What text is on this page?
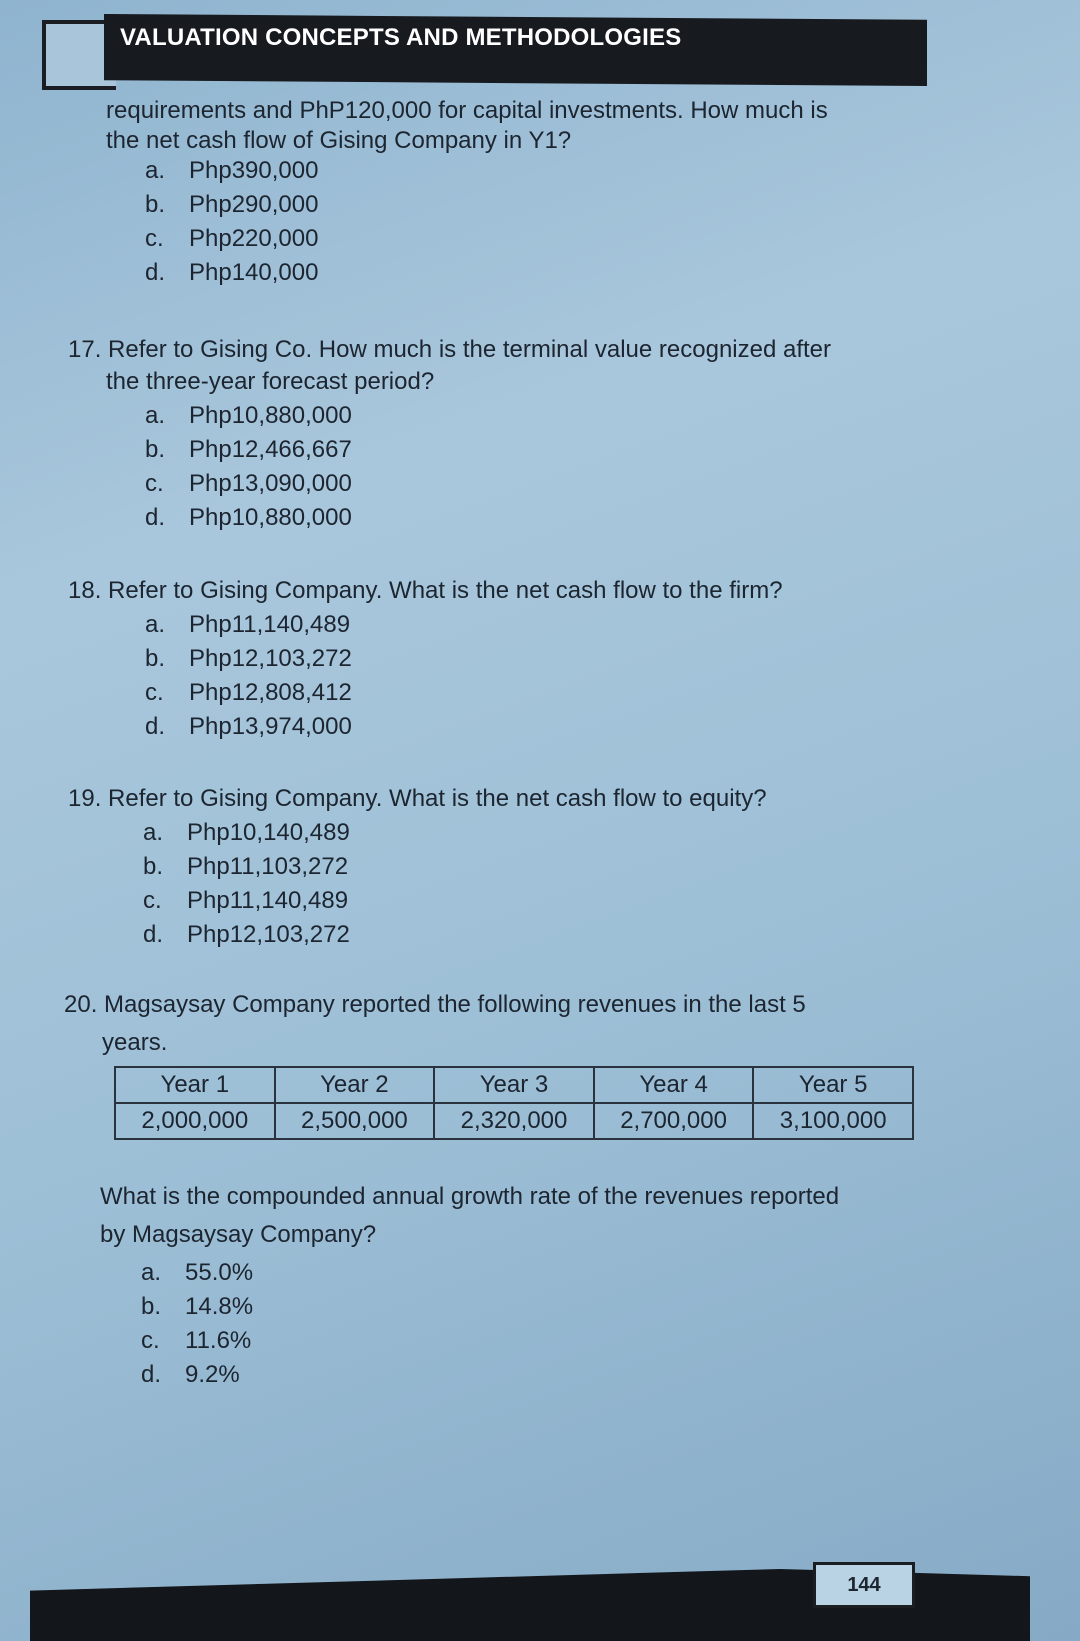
VALUATION CONCEPTS AND METHODOLOGIES
requirements and PhP120,000 for capital investments. How much is
the net cash flow of Gising Company in Y1?
a. Php390,000
b. Php290,000
c. Php220,000
d. Php140,000
17. Refer to Gising Co. How much is the terminal value recognized after
the three-year forecast period?
a. Php10,880,000
b. Php12,466,667
c. Php13,090,000
d. Php10,880,000
18. Refer to Gising Company. What is the net cash flow to the firm?
a. Php11,140,489
b. Php12,103,272
c. Php12,808,412
d. Php13,974,000
19. Refer to Gising Company. What is the net cash flow to equity?
a. Php10,140,489
b. Php11,103,272
c. Php11,140,489
d. Php12,103,272
20. Magsaysay Company reported the following revenues in the last 5
years.
Year 1	Year 2	Year 3	Year 4	Year 5
2,000,000	2,500,000	2,320,000	2,700,000	3,100,000
What is the compounded annual growth rate of the revenues reported
by Magsaysay Company?
a. 55.0%
b. 14.8%
c. 11.6%
d. 9.2%
144
